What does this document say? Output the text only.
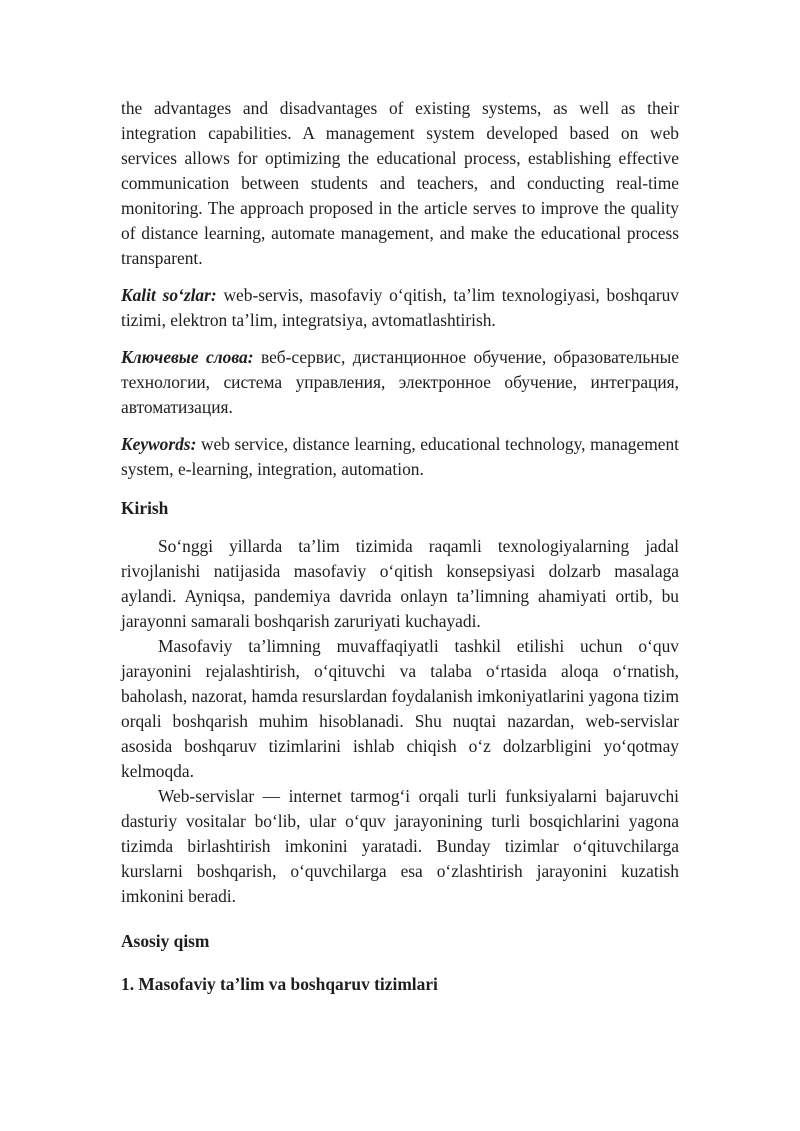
the advantages and disadvantages of existing systems, as well as their integration capabilities. A management system developed based on web services allows for optimizing the educational process, establishing effective communication between students and teachers, and conducting real-time monitoring. The approach proposed in the article serves to improve the quality of distance learning, automate management, and make the educational process transparent.

Kalit so‘zlar: web-servis, masofaviy o‘qitish, ta’lim texnologiyasi, boshqaruv tizimi, elektron ta’lim, integratsiya, avtomatlashtirish.

Ключевые слова: веб-сервис, дистанционное обучение, образовательные технологии, система управления, электронное обучение, интеграция, автоматизация.

Keywords: web service, distance learning, educational technology, management system, e-learning, integration, automation.

Kirish

So‘nggi yillarda ta’lim tizimida raqamli texnologiyalarning jadal rivojlanishi natijasida masofaviy o‘qitish konsepsiyasi dolzarb masalaga aylandi. Ayniqsa, pandemiya davrida onlayn ta’limning ahamiyati ortib, bu jarayonni samarali boshqarish zaruriyati kuchayadi.

Masofaviy ta’limning muvaffaqiyatli tashkil etilishi uchun o‘quv jarayonini rejalashtirish, o‘qituvchi va talaba o‘rtasida aloqa o‘rnatish, baholash, nazorat, hamda resurslardan foydalanish imkoniyatlarini yagona tizim orqali boshqarish muhim hisoblanadi. Shu nuqtai nazardan, web-servislar asosida boshqaruv tizimlarini ishlab chiqish o‘z dolzarbligini yo‘qotmay kelmoqda.

Web-servislar — internet tarmog‘i orqali turli funksiyalarni bajaruvchi dasturiy vositalar bo‘lib, ular o‘quv jarayonining turli bosqichlarini yagona tizimda birlashtirish imkonini yaratadi. Bunday tizimlar o‘qituvchilarga kurslarni boshqarish, o‘quvchilarga esa o‘zlashtirish jarayonini kuzatish imkonini beradi.

Asosiy qism
1. Masofaviy ta’lim va boshqaruv tizimlari
